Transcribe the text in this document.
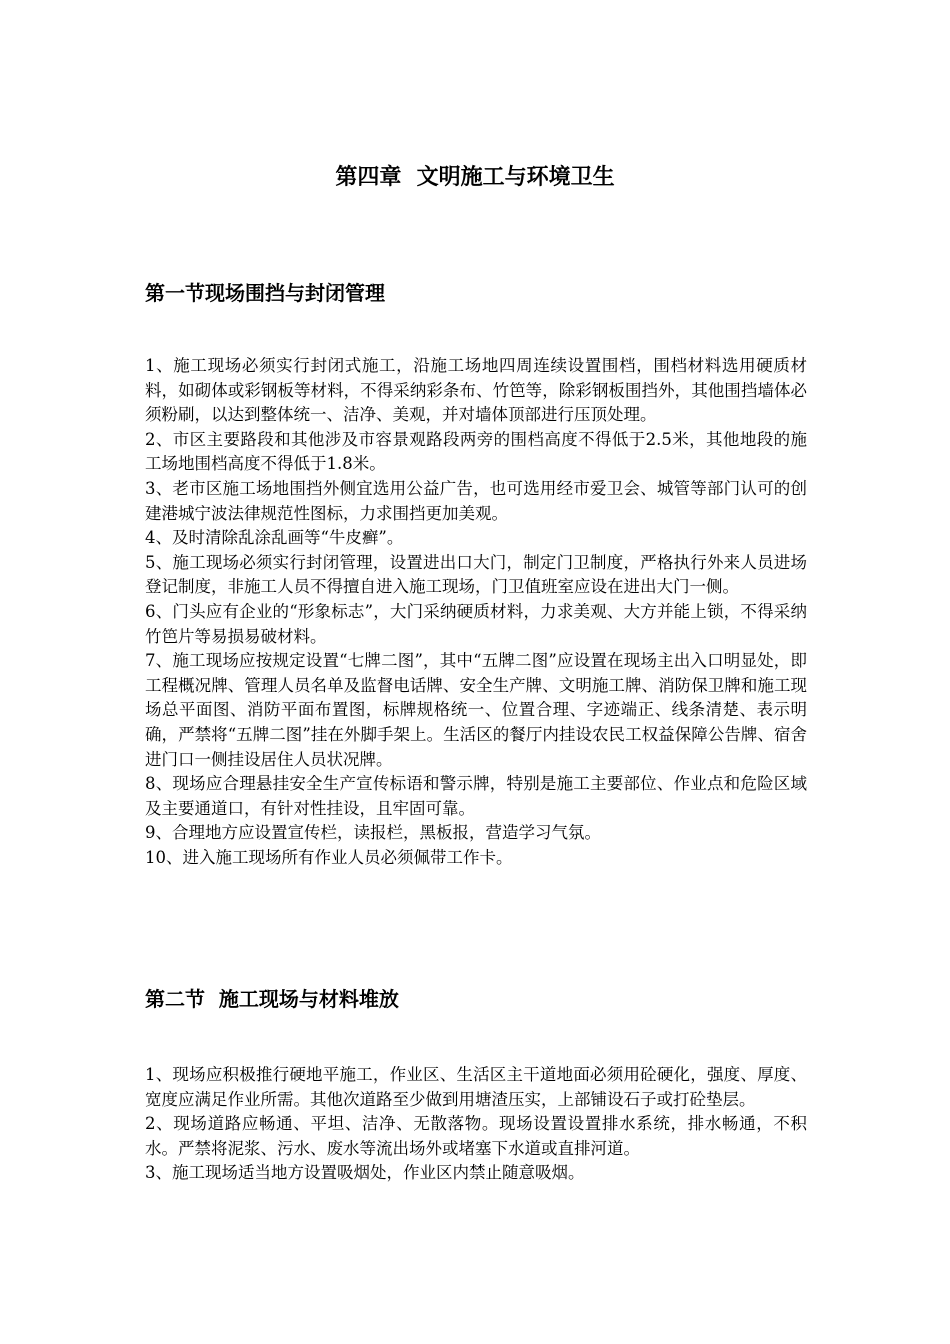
第四章  文明施工与环境卫生
第一节现场围挡与封闭管理

1、施工现场必须实行封闭式施工，沿施工场地四周连续设置围档，围档材料选用硬质材料，如砌体或彩钢板等材料，不得采纳彩条布、竹笆等，除彩钢板围挡外，其他围挡墙体必须粉刷，以达到整体统一、洁净、美观，并对墙体顶部进行压顶处理。

2、市区主要路段和其他涉及市容景观路段两旁的围档高度不得低于2.5米，其他地段的施工场地围档高度不得低于1.8米。

3、老市区施工场地围挡外侧宜选用公益广告，也可选用经市爱卫会、城管等部门认可的创建港城宁波法律规范性图标，力求围挡更加美观。

4、及时清除乱涂乱画等“牛皮癣”。

5、施工现场必须实行封闭管理，设置进出口大门，制定门卫制度，严格执行外来人员进场登记制度，非施工人员不得擅自进入施工现场，门卫值班室应设在进出大门一侧。

6、门头应有企业的“形象标志”，大门采纳硬质材料，力求美观、大方并能上锁，不得采纳竹笆片等易损易破材料。

7、施工现场应按规定设置“七牌二图”，其中“五牌二图”应设置在现场主出入口明显处，即工程概况牌、管理人员名单及监督电话牌、安全生产牌、文明施工牌、消防保卫牌和施工现场总平面图、消防平面布置图，标牌规格统一、位置合理、字迹端正、线条清楚、表示明确，严禁将“五牌二图”挂在外脚手架上。生活区的餐厅内挂设农民工权益保障公告牌、宿舍进门口一侧挂设居住人员状况牌。

8、现场应合理悬挂安全生产宣传标语和警示牌，特别是施工主要部位、作业点和危险区域及主要通道口，有针对性挂设，且牢固可靠。

9、合理地方应设置宣传栏，读报栏，黑板报，营造学习气氛。

10、进入施工现场所有作业人员必须佩带工作卡。

第二节  施工现场与材料堆放

1、现场应积极推行硬地平施工，作业区、生活区主干道地面必须用砼硬化，强度、厚度、宽度应满足作业所需。其他次道路至少做到用塘渣压实，上部铺设石子或打砼垫层。

2、现场道路应畅通、平坦、洁净、无散落物。现场设置设置排水系统，排水畅通，不积水。严禁将泥浆、污水、废水等流出场外或堵塞下水道或直排河道。

3、施工现场适当地方设置吸烟处，作业区内禁止随意吸烟。
